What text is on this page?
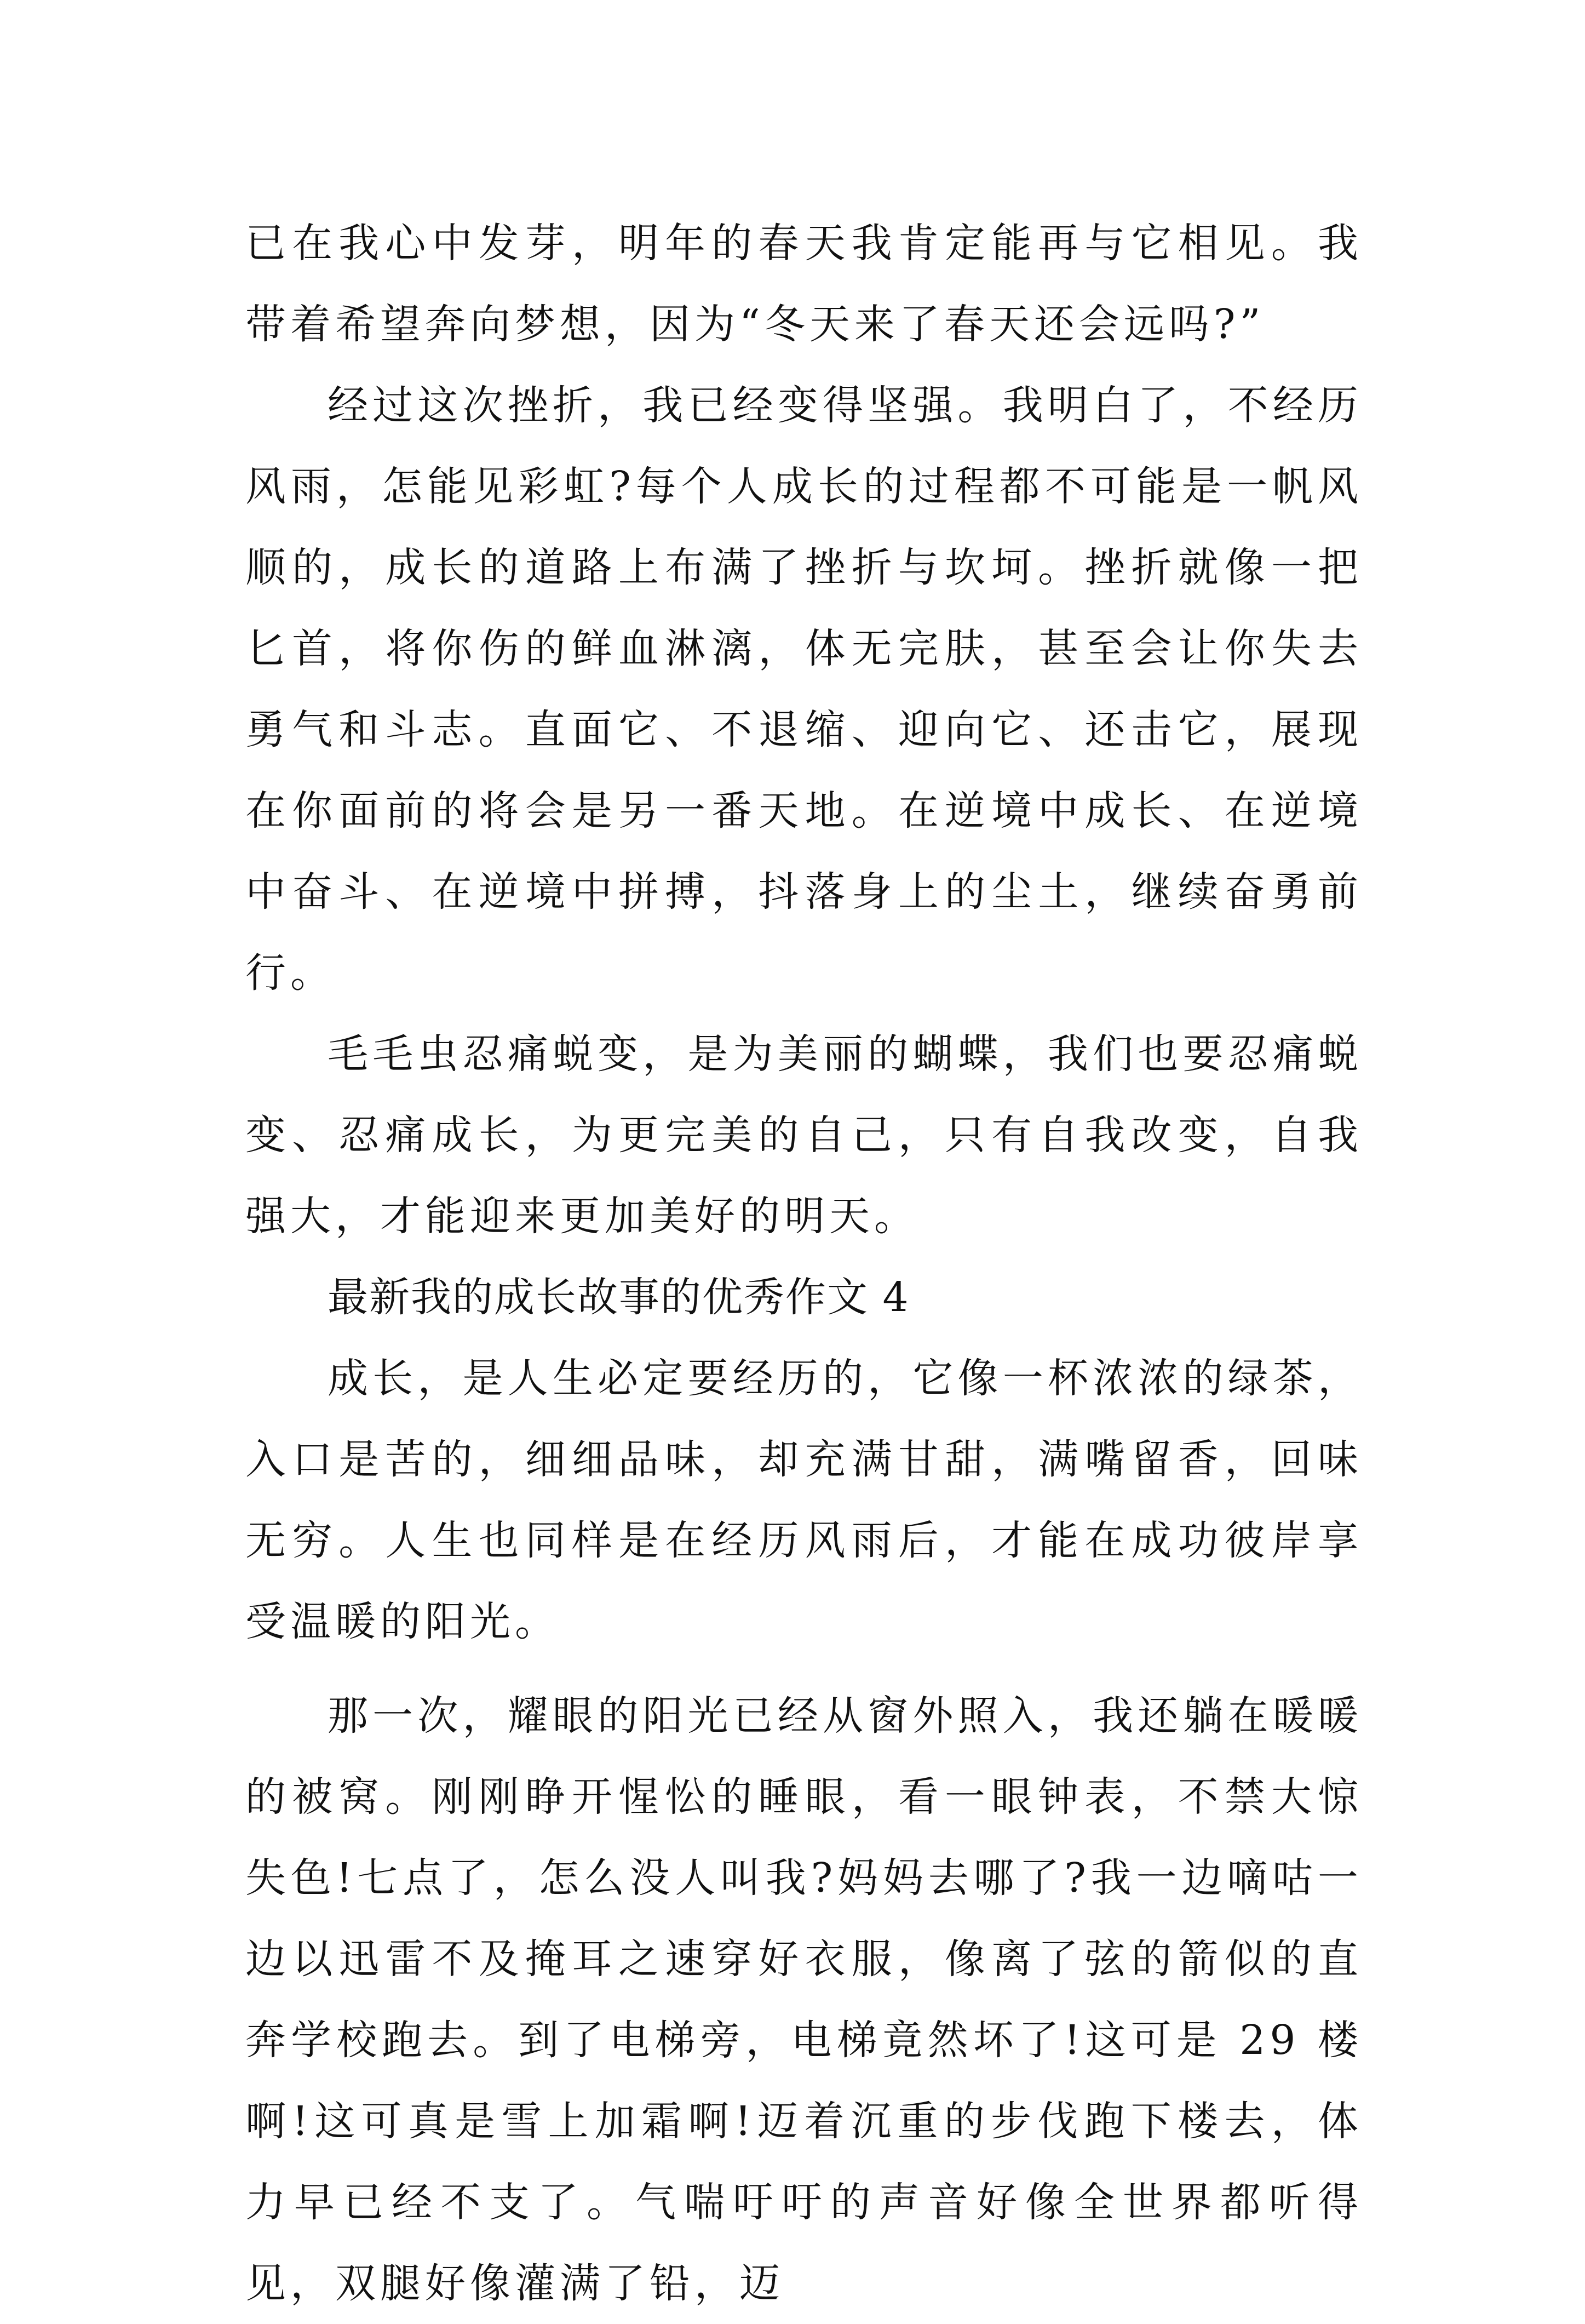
已在我心中发芽，明年的春天我肯定能再与它相见。我带着希望奔向梦想，因为“冬天来了春天还会远吗?”

经过这次挫折，我已经变得坚强。我明白了，不经历风雨，怎能见彩虹?每个人成长的过程都不可能是一帆风顺的，成长的道路上布满了挫折与坎坷。挫折就像一把匕首，将你伤的鲜血淋漓，体无完肤，甚至会让你失去勇气和斗志。直面它、不退缩、迎向它、还击它，展现在你面前的将会是另一番天地。在逆境中成长、在逆境中奋斗、在逆境中拼搏，抖落身上的尘土，继续奋勇前行。

毛毛虫忍痛蜕变，是为美丽的蝴蝶，我们也要忍痛蜕变、忍痛成长，为更完美的自己，只有自我改变，自我强大，才能迎来更加美好的明天。

最新我的成长故事的优秀作文 4

成长，是人生必定要经历的，它像一杯浓浓的绿茶，入口是苦的，细细品味，却充满甘甜，满嘴留香，回味无穷。人生也同样是在经历风雨后，才能在成功彼岸享受温暖的阳光。

那一次，耀眼的阳光已经从窗外照入，我还躺在暖暖的被窝。刚刚睁开惺忪的睡眼，看一眼钟表，不禁大惊失色!七点了，怎么没人叫我?妈妈去哪了?我一边嘀咕一边以迅雷不及掩耳之速穿好衣服，像离了弦的箭似的直奔学校跑去。到了电梯旁，电梯竟然坏了!这可是 29 楼啊!这可真是雪上加霜啊!迈着沉重的步伐跑下楼去，体力早已经不支了。气喘吁吁的声音好像全世界都听得见，双腿好像灌满了铅，迈
